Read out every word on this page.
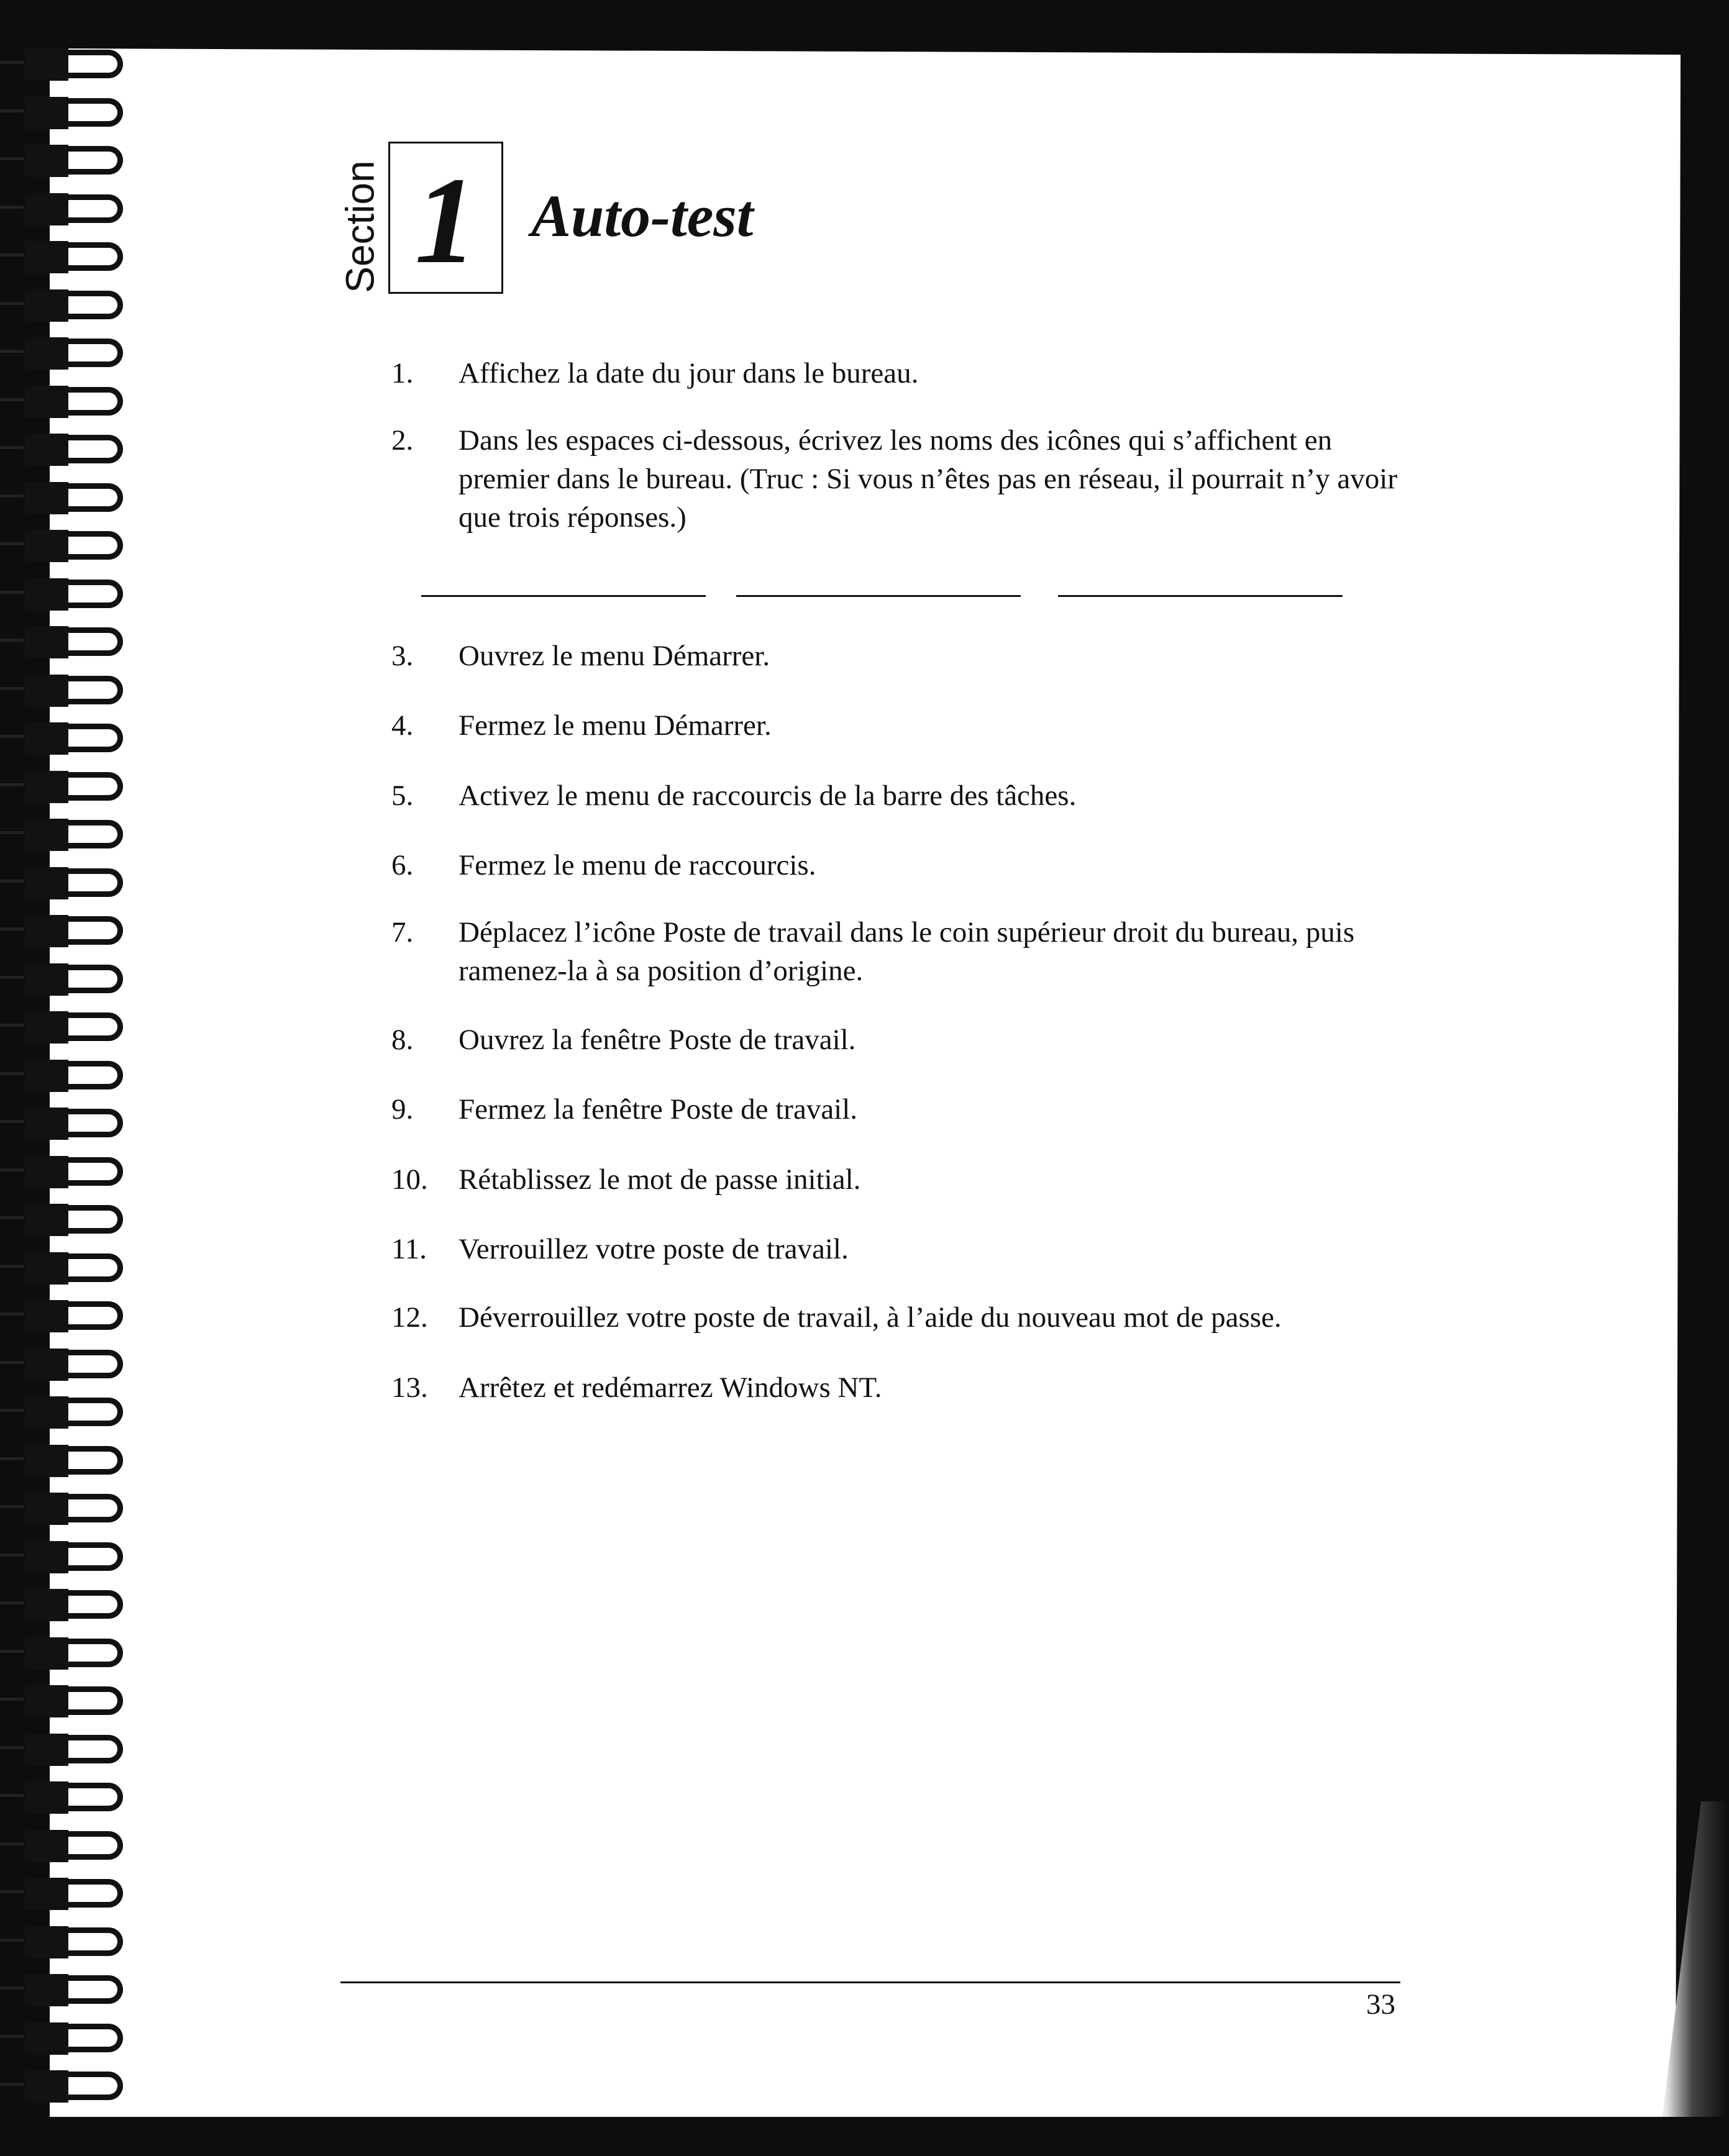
Section 1 Auto-test
1.	Affichez la date du jour dans le bureau.
2.	Dans les espaces ci-dessous, écrivez les noms des icônes qui s’affichent en premier dans le bureau. (Truc : Si vous n’êtes pas en réseau, il pourrait n’y avoir que trois réponses.)
3.	Ouvrez le menu Démarrer.
4.	Fermez le menu Démarrer.
5.	Activez le menu de raccourcis de la barre des tâches.
6.	Fermez le menu de raccourcis.
7.	Déplacez l’icône Poste de travail dans le coin supérieur droit du bureau, puis ramenez-la à sa position d’origine.
8.	Ouvrez la fenêtre Poste de travail.
9.	Fermez la fenêtre Poste de travail.
10.	Rétablissez le mot de passe initial.
11.	Verrouillez votre poste de travail.
12.	Déverrouillez votre poste de travail, à l’aide du nouveau mot de passe.
13.	Arrêtez et redémarrez Windows NT.
33
